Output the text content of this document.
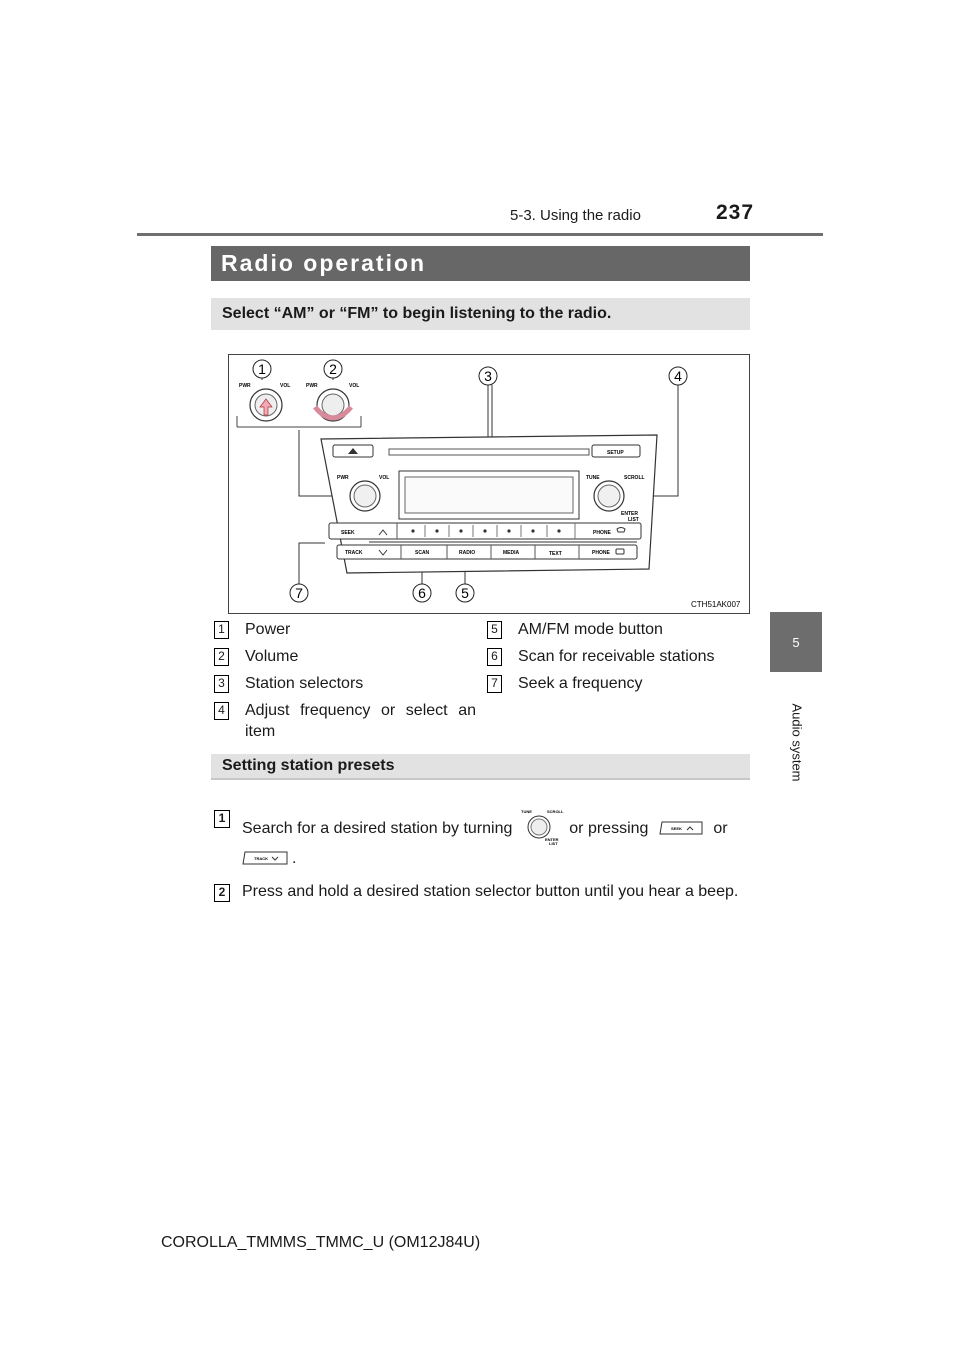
5-3. Using the radio	237
5
Audio system
Radio operation
Select “AM” or “FM” to begin listening to the radio.
PWR	VOL	PWR	VOL
1	2	3	4
5
6
7
SETUP
PWR	VOL	TUNE	SCROLL
ENTER
LIST
SEEK	PHONE
TRACK	SCAN	RADIO	MEDIA	TEXT	PHONE
CTH51AK007
1 Power
2 Volume
3 Station selectors
4 Adjust frequency or select an item
5 AM/FM mode button
6 Scan for receivable stations
7 Seek a frequency
Setting station presets
1
Search for a desired station by turning
TUNE	SCROLL
ENTER
LIST
or pressing	SEEK or

TRACK .
2 Press and hold a desired station selector button until you hear a beep.
COROLLA_TMMMS_TMMC_U (OM12J84U)
